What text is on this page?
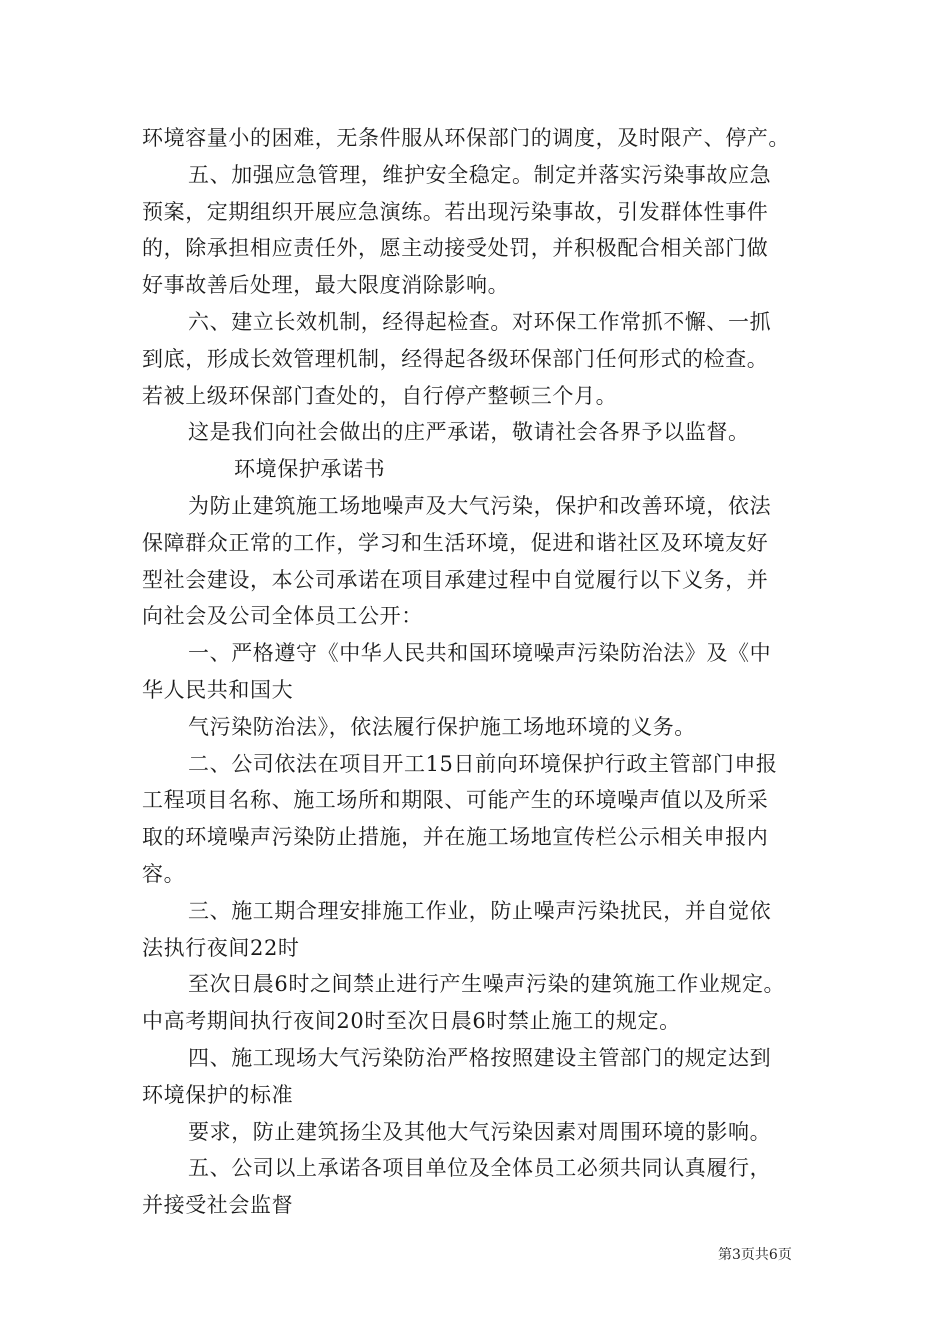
环境容量小的困难，无条件服从环保部门的调度，及时限产、停产。
五、加强应急管理，维护安全稳定。制定并落实污染事故应急
预案，定期组织开展应急演练。若出现污染事故，引发群体性事件
的，除承担相应责任外，愿主动接受处罚，并积极配合相关部门做
好事故善后处理，最大限度消除影响。
六、建立长效机制，经得起检查。对环保工作常抓不懈、一抓
到底，形成长效管理机制，经得起各级环保部门任何形式的检查。
若被上级环保部门查处的，自行停产整顿三个月。
这是我们向社会做出的庄严承诺，敬请社会各界予以监督。
环境保护承诺书
为防止建筑施工场地噪声及大气污染，保护和改善环境，依法
保障群众正常的工作，学习和生活环境，促进和谐社区及环境友好
型社会建设，本公司承诺在项目承建过程中自觉履行以下义务，并
向社会及公司全体员工公开：
一、严格遵守《中华人民共和国环境噪声污染防治法》及《中
华人民共和国大
气污染防治法》，依法履行保护施工场地环境的义务。
二、公司依法在项目开工15日前向环境保护行政主管部门申报
工程项目名称、施工场所和期限、可能产生的环境噪声值以及所采
取的环境噪声污染防止措施，并在施工场地宣传栏公示相关申报内
容。
三、施工期合理安排施工作业，防止噪声污染扰民，并自觉依
法执行夜间22时
至次日晨6时之间禁止进行产生噪声污染的建筑施工作业规定。
中高考期间执行夜间20时至次日晨6时禁止施工的规定。
四、施工现场大气污染防治严格按照建设主管部门的规定达到
环境保护的标准
要求，防止建筑扬尘及其他大气污染因素对周围环境的影响。
五、公司以上承诺各项目单位及全体员工必须共同认真履行，
并接受社会监督
第3页共6页
